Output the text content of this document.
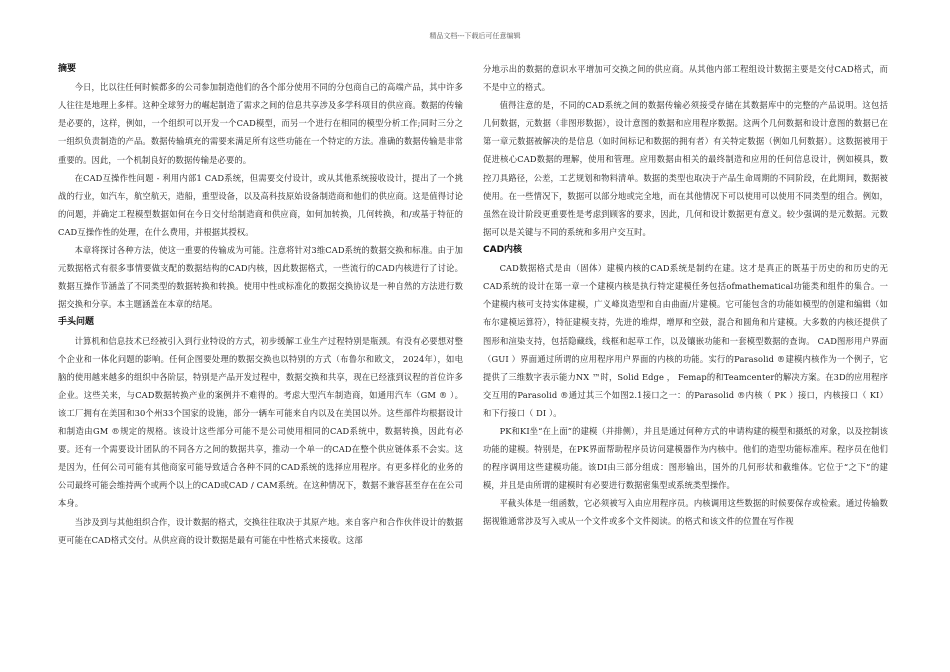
精品文档---下载后可任意编辑
摘要

今日，比以往任何时候都多的公司参加制造他们的各个部分使用不同的分包商自己的高端产品，其中许多人往往是地理上多样。这种全球努力的崛起制造了需求之间的信息共享涉及多学科项目的供应商。数据的传输是必要的，这样，例如，一个组织可以开发一个CAD模型，而另一个进行在相同的模型分析工作;同时三分之一组织负责制造的产品。数据传输填充的需要来满足所有这些功能在一个特定的方法。准确的数据传输是非常重要的。因此，一个机制良好的数据传输是必要的。

在CAD互操作性问题 - 利用内部1 CAD系统，但需要交付设计，或从其他系统接收设计，提出了一个挑战的行业，如汽车，航空航天，造船，重型设备，以及高科技原始设备制造商和他们的供应商。这是值得讨论的问题，并确定工程模型数据如何在今日交付给制造商和供应商，如何加转换，几何转换，和/或基于特征的CAD互操作性的处理，在什么费用，并根据其授权。

本章将探讨各种方法，使这一重要的传输成为可能。注意将针对3维CAD系统的数据交换和标准。由于加元数据格式有很多事情要做支配的数据结构的CAD内核，因此数据格式，一些流行的CAD内核进行了讨论。数据互操作节涵盖了不同类型的数据转换和转换。使用中性或标准化的数据交换协议是一种自然的方法进行数据交换和分享。本主题涵盖在本章的结尾。

手头问题

计算机和信息技术已经被引入到行业特设的方式，初步缓解工业生产过程特别是瓶颈。有没有必要想对整个企业和一体化问题的影响。任何企图要处理的数据交换也以特别的方式（布鲁尔和欧文， 2024年），如电脑的使用越来越多的组织中各阶层，特别是产品开发过程中，数据交换和共享，现在已经涨到议程的首位许多企业。这些关来，与CAD数据转换产业的案例并不难得的。考虑大型汽车制造商，如通用汽车（GM ® ）。该工厂拥有在美国和30个州33个国家的设施，部分一辆车可能来自内以及在美国以外。这些部件均根据设计和制造由GM ®规定的规格。该设计这些部分可能不是公司使用相同的CAD系统中，数据转换，因此有必要。还有一个需要设计团队的不同各方之间的数据共享，推动一个单一的CAD在整个供应链体系不会实。这是因为，任何公司可能有其他商家可能导致适合各种不同的CAD系统的选择应用程序。有更多样化的业务的公司最终可能会维持两个或两个以上的CAD或CAD / CAM系统。在这种情况下，数据不兼容甚至存在在公司本身。

当涉及到与其他组织合作，设计数据的格式，交换往往取决于其原产地。来自客户和合作伙伴设计的数据更可能在CAD格式交付。从供应商的设计数据是最有可能在中性格式来接收。这部

分地示出的数据的意识水平增加可交换之间的供应商。从其他内部工程组设计数据主要是交付CAD格式，而不是中立的格式。

值得注意的是，不同的CAD系统之间的数据传输必须接受存储在其数据库中的完整的产品说明。这包括几何数据，元数据（非图形数据），设计意图的数据和应用程序数据。这两个几何数据和设计意图的数据已在第一章元数据被解决的是信息（如时间标记和数据的拥有者）有关特定数据（例如几何数据）。这数据被用于促进核心CAD数据的理解，使用和管理。应用数据由相关的最终制造和应用的任何信息设计，例如模具，数控刀具路径，公差，工艺规划和物料清单。数据的类型也取决于产品生命周期的不同阶段，在此期间，数据被使用。在一些情况下，数据可以部分地或完全地，而在其他情况下可以使用可以使用不同类型的组合。例如，虽然在设计阶段更重要性是考虑到顾客的要求，因此，几何和设计数据更有意义。较少强调的是元数据。元数据可以是关键与不同的系统和多用户交互时。

CAD内核

CAD数据格式是由（固体）建模内核的CAD系统是制约在建。这才是真正的既基于历史的和历史的无CAD系统的设计在第一章一个建模内核是执行特定建模任务包括ofmathematical功能类和组件的集合。一个建模内核可支持实体建模，广义峰岚造型和自由曲面/片建模。它可能包含的功能如模型的创建和编辑（如布尔建模运算符），特征建模支持，先进的堆焊，增厚和空鼓，混合和圆角和片建模。大多数的内核还提供了图形和渲染支持，包括隐藏线，线框和起草工作，以及镶嵌功能和一套模型数据的查询。 CAD图形用户界面（GUI ）界面通过所谓的应用程序用户界面的内核的功能。实行的Parasolid ®建模内核作为一个例子，它提供了三维数字表示能力NX ™时，Solid Edge ， Femap的和Teamcenter的解决方案。在3D的应用程序交互用的Parasolid ®通过其三个如图2.1接口之一：的Parasolid ®内核（ PK ）接口，内核接口（ KI）和下行接口（ DI ）。

PK和KI坐“在上面”的建模（并排侧），并且是通过何种方式的申请构建的模型和摄纸的对象，以及控制该功能的建模。特别是，在PK界面帮助程序员访问建模器作为内核中。他们的造型功能标准库。程序员在他们的程序调用这些建模功能。该DI由三部分组成：图形输出，国外的几何形状和截维体。它位于“之下”的建模，并且是由所谓的建模时有必要进行数据密集型或系统类型操作。

平截头体是一组函数，它必须被写入由应用程序员。内核调用这些数据的时候要保存或检索。通过传输数据视锥通常涉及写入或从一个文件或多个文件阅读。的格式和该文件的位置在写作视
